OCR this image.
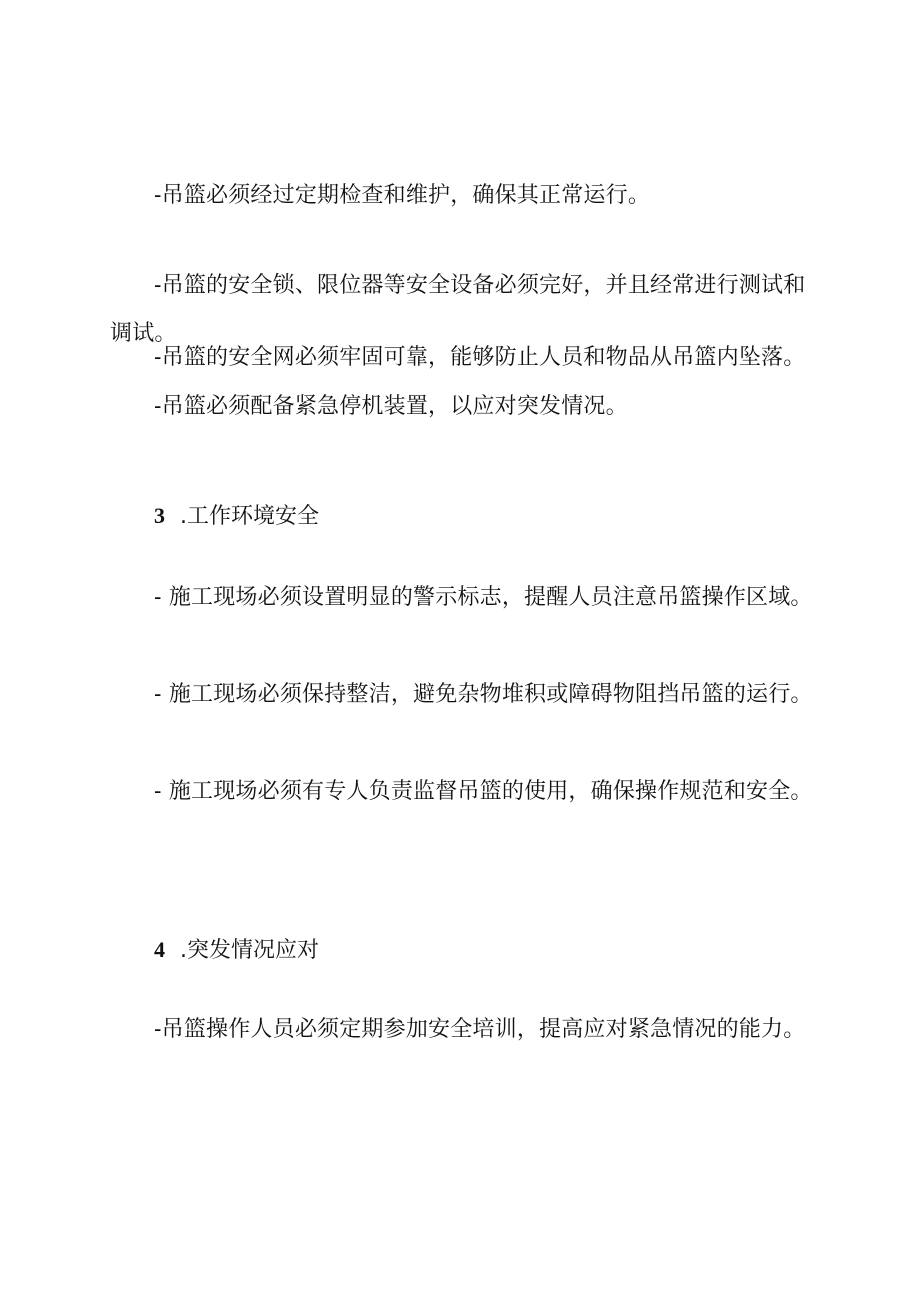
-吊篮必须经过定期检查和维护，确保其正常运行。

-吊篮的安全锁、限位器等安全设备必须完好，并且经常进行测试和调试。

-吊篮的安全网必须牢固可靠，能够防止人员和物品从吊篮内坠落。

-吊篮必须配备紧急停机装置，以应对突发情况。

3 .工作环境安全

- 施工现场必须设置明显的警示标志，提醒人员注意吊篮操作区域。

- 施工现场必须保持整洁，避免杂物堆积或障碍物阻挡吊篮的运行。

- 施工现场必须有专人负责监督吊篮的使用，确保操作规范和安全。

4 .突发情况应对

-吊篮操作人员必须定期参加安全培训，提高应对紧急情况的能力。
